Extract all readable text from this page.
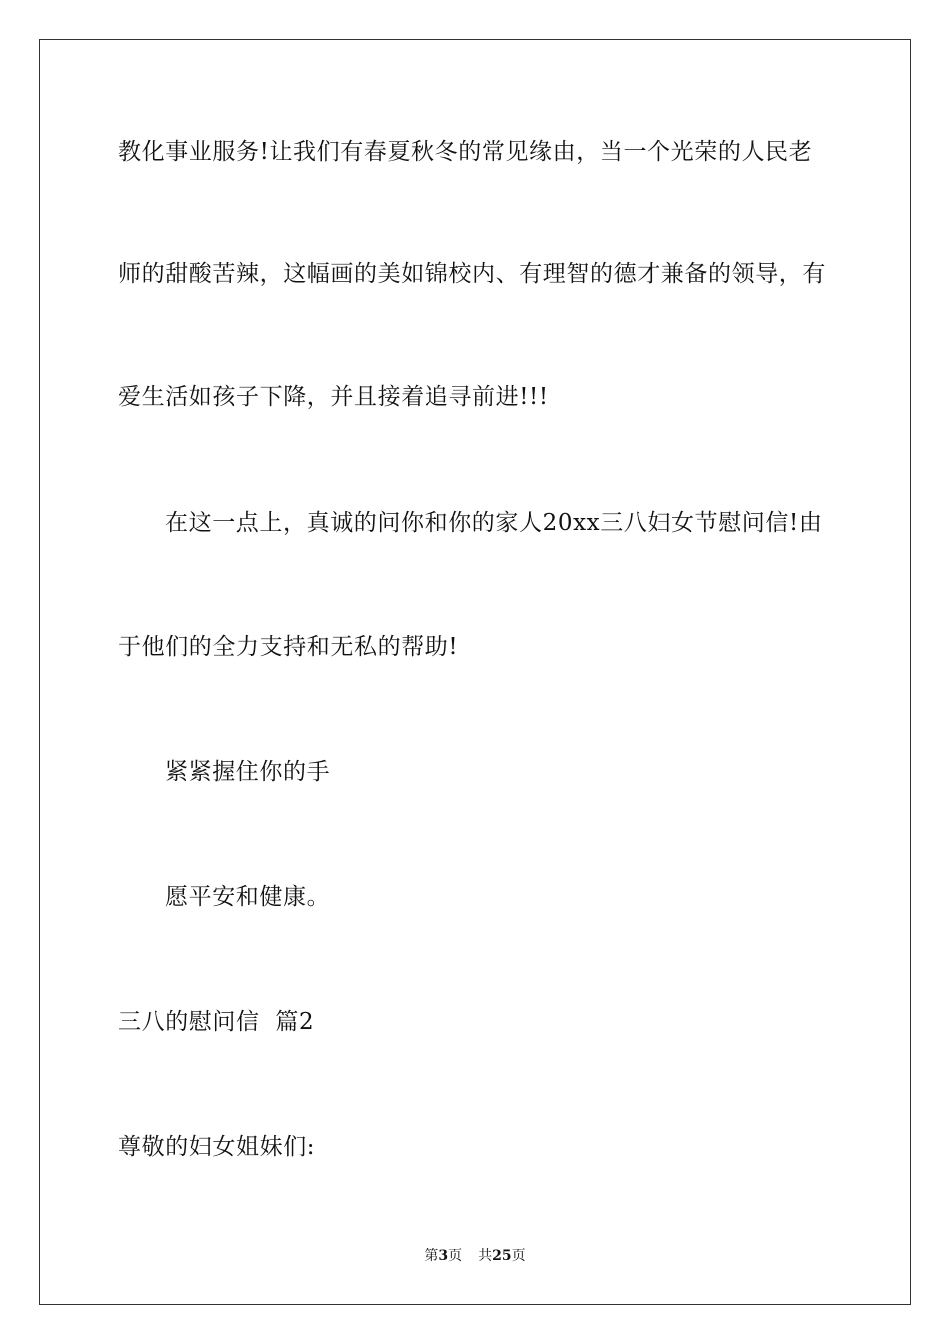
教化事业服务!让我们有春夏秋冬的常见缘由，当一个光荣的人民老
师的甜酸苦辣，这幅画的美如锦校内、有理智的德才兼备的领导，有
爱生活如孩子下降，并且接着追寻前进!!!
在这一点上，真诚的问你和你的家人20xx三八妇女节慰问信!由
于他们的全力支持和无私的帮助!
紧紧握住你的手
愿平安和健康。
三八的慰问信  篇2
尊敬的妇女姐妹们:
第3页 共25页
